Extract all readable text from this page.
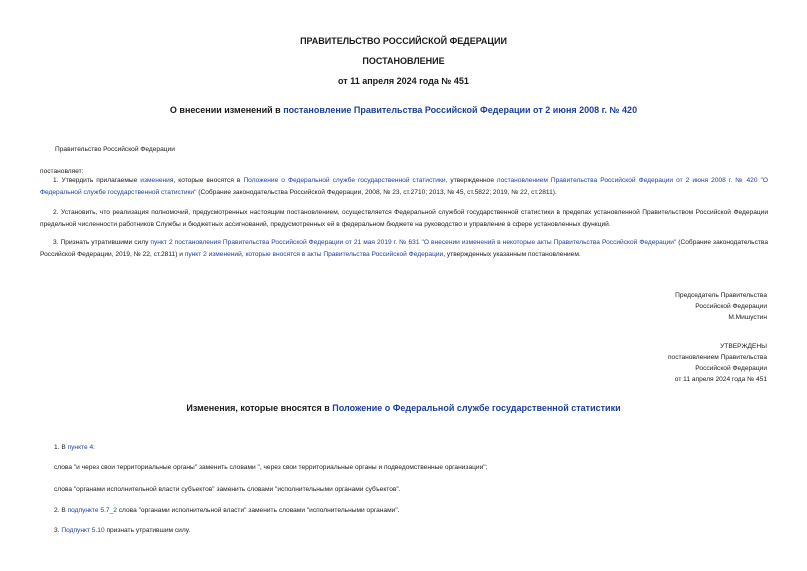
ПРАВИТЕЛЬСТВО РОССИЙСКОЙ ФЕДЕРАЦИИ
ПОСТАНОВЛЕНИЕ
от 11 апреля 2024 года № 451
О внесении изменений в постановление Правительства Российской Федерации от 2 июня 2008 г. № 420
Правительство Российской Федерации
постановляет:
1. Утвердить прилагаемые изменения, которые вносятся в Положение о Федеральной службе государственной статистики, утвержденное постановлением Правительства Российской Федерации от 2 июня 2008 г. № 420 "О Федеральной службе государственной статистики" (Собрание законодательства Российской Федерации, 2008, № 23, ст.2710; 2013, № 45, ст.5822; 2019, № 22, ст.2811).
2. Установить, что реализация полномочий, предусмотренных настоящим постановлением, осуществляется Федеральной службой государственной статистики в пределах установленной Правительством Российской Федерации предельной численности работников Службы и бюджетных ассигнований, предусмотренных ей в федеральном бюджете на руководство и управление в сфере установленных функций.
3. Признать утратившими силу пункт 2 постановления Правительства Российской Федерации от 21 мая 2019 г. № 631 "О внесении изменений в некоторые акты Правительства Российской Федерации" (Собрание законодательства Российской Федерации, 2019, № 22, ст.2811) и пункт 2 изменений, которые вносятся в акты Правительства Российской Федерации, утвержденных указанным постановлением.
Председатель Правительства
Российской Федерации
М.Мишустин
УТВЕРЖДЕНЫ
постановлением Правительства
Российской Федерации
от 11 апреля 2024 года № 451
Изменения, которые вносятся в Положение о Федеральной службе государственной статистики
1. В пункте 4:
слова "и через свои территориальные органы" заменить словами ", через свои территориальные органы и подведомственные организации";
слова "органами исполнительной власти субъектов" заменить словами "исполнительными органами субъектов".
2. В подпункте 5.7_2 слова "органами исполнительной власти" заменить словами "исполнительными органами".
3. Подпункт 5.10 признать утратившим силу.
